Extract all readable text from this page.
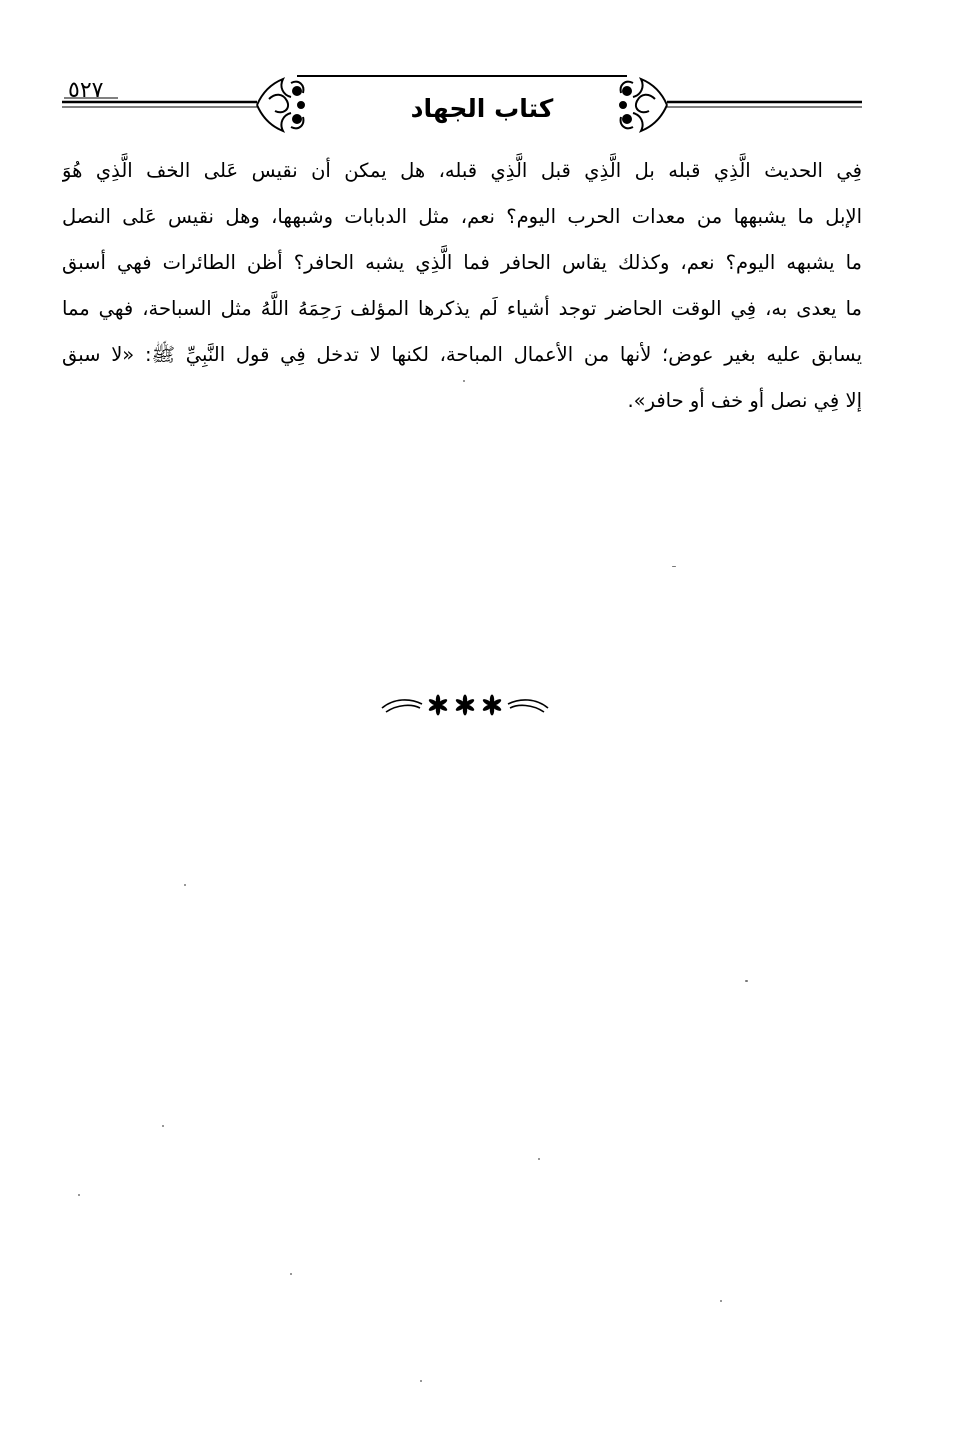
٥٢٧
كتاب الجهاد
فِي الحديث الَّذِي قبله بل الَّذِي قبل الَّذِي قبله، هل يمكن أن نقيس عَلى الخف الَّذِي هُوَ
الإبل ما يشبهها من معدات الحرب اليوم؟ نعم، مثل الدبابات وشبهها، وهل نقيس عَلى النصل
ما يشبهه اليوم؟ نعم، وكذلك يقاس الحافر فما الَّذِي يشبه الحافر؟ أظن الطائرات فهي أسبق
ما يعدى به، فِي الوقت الحاضر توجد أشياء لَم يذكرها المؤلف رَحِمَهُ اللَّهُ مثل السباحة، فهي مما
يسابق عليه بغير عوض؛ لأنها من الأعمال المباحة، لكنها لا تدخل فِي قول النَّبِيِّ ﷺ: «لا سبق
إلا فِي نصل أو خف أو حافر».
